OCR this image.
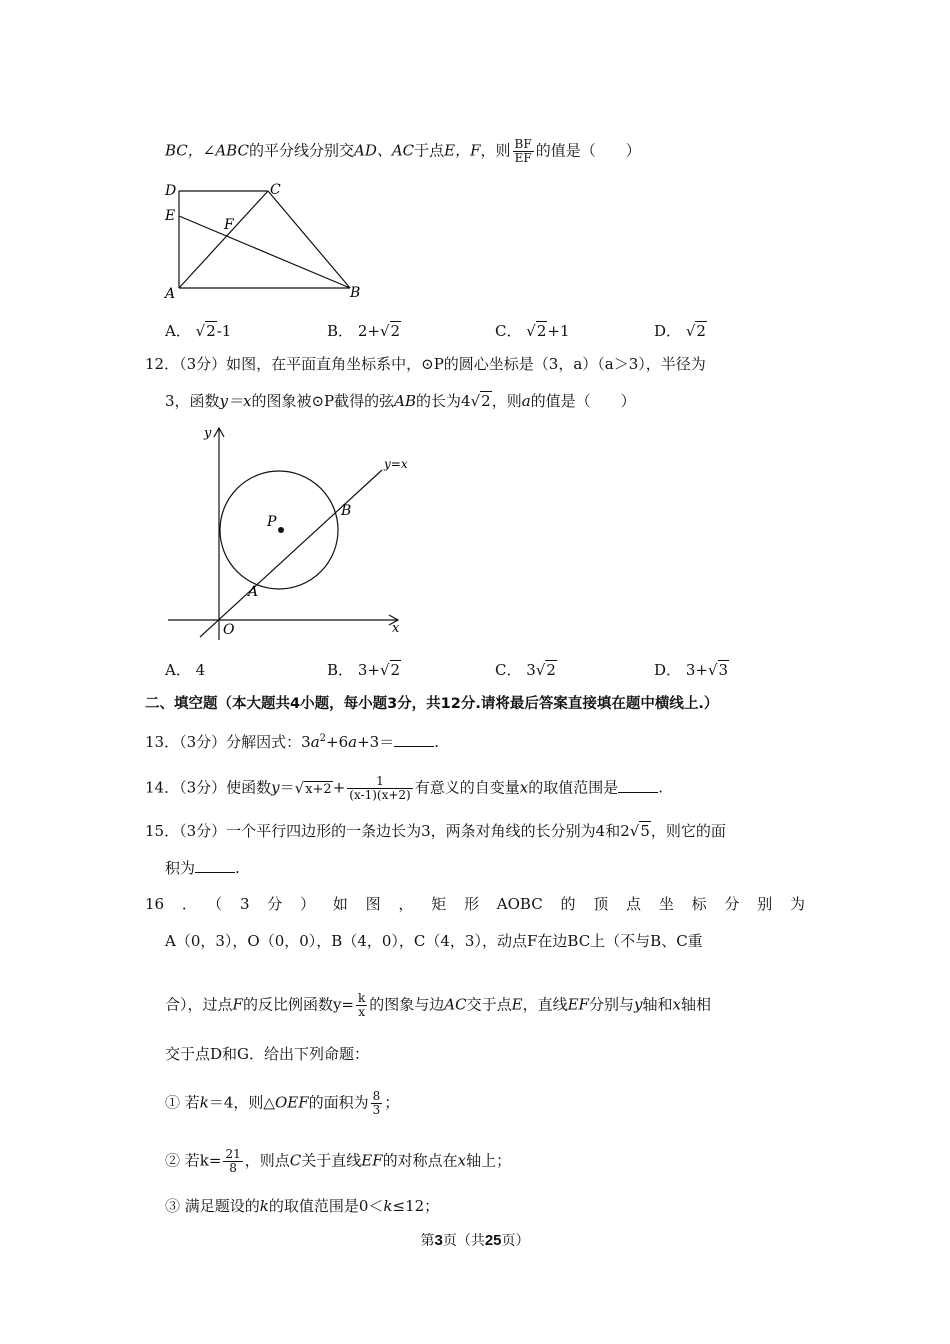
BC，∠ABC的平分线分别交AD、AC于点E，F，则 $\frac{BF}{EF}$ 的值是（　　）
D	C
E
F
A	B
A． √2-1	B． 2+√2	C． √2+1	D． √2
12．（3分）如图，在平面直角坐标系中，⊙P的圆心坐标是（3，a）（a＞3），半径为
3，函数y＝x的图象被⊙P截得的弦AB的长为4√2，则a的值是（　　）
y
y=x
P
B
A
O	x
A． 4	B． 3+√2	C． 3√2	D． 3+√3
二、填空题（本大题共4小题，每小题3分，共12分.请将最后答案直接填在题中横线上.）
13．（3分）分解因式：$3a^2+6a+3=$	.
14．（3分）使函数$y=√x+2+ \frac{1}{(x-1)(x+2)}$ 有意义的自变量x的取值范围是	.
15．（3分）一个平行四边形的一条边长为3，两条对角线的长分别为4和2√5，则它的面
积为	.
16．（3分）如图，矩形AOBC的顶点坐标分别为
A（0，3），O（0，0），B（4，0），C（4，3），动点F在边BC上（不与B、C重
合），过点F的反比例函数$y= \frac{k}{x}$ 的图象与边AC交于点E，直线EF分别与y轴和x轴相
交于点D和G．给出下列命题：
① 若k＝4，则△OEF的面积为 $\frac{8}{3}$ ；
② 若$k= \frac{21}{8}$ ，则点C关于直线EF的对称点在x轴上；
③ 满足题设的k的取值范围是0＜k≤12；
第3页（共25页）
